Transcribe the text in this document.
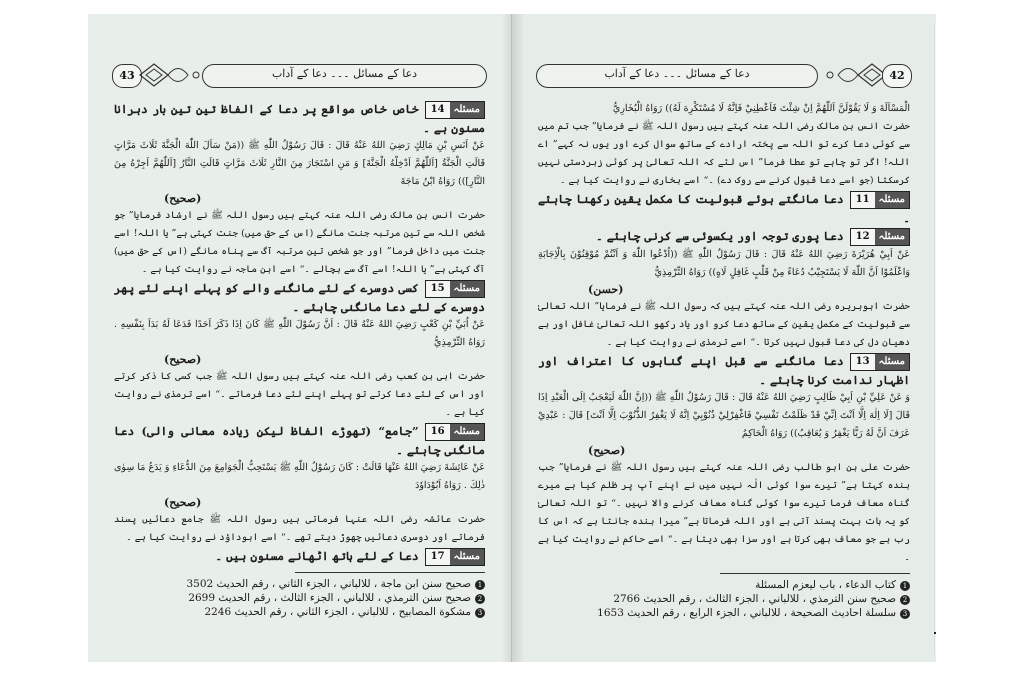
43	دعا کے مسائل ۔۔۔ دعا کے آداب

مسئلہ14خاص خاص مواقع پر دعا کے الفاظ تین تین بار دہرانا مسنون ہے ۔

عَنْ اَنَسِ بْنِ مَالِكٍ رَضِيَ اللهُ عَنْهُ قَالَ : قَالَ رَسُوْلُ اللّٰهِ ﷺ ((مَنْ سَاَلَ اللّٰهَ الْجَنَّةَ ثَلَاثَ مَرَّاتٍ قَالَتِ الْجَنَّةُ [اَللّٰهُمَّ اَدْخِلْهُ الْجَنَّةَ] وَ مَنِ اسْتَجَارَ مِنَ النَّارِ ثَلَاثَ مَرَّاتٍ قَالَتِ النَّارُ [اَللّٰهُمَّ اَجِرْهُ مِنَ النَّارِ])) رَوَاهُ ابْنُ مَاجَةَ

(صحيح)

حضرت انس بن مالک رضی اللہ عنہ کہتے ہیں رسول اللہ ﷺ نے ارشاد فرمایا” جو شخص اللہ سے تین مرتبہ جنت مانگے (اس کے حق میں) جنت کہتی ہے” یا اللہ! اسے جنت میں داخل فرما” اور جو شخص تین مرتبہ آگ سے پناہ مانگے (اس کے حق میں) آگ کہتی ہے” یا اللہ! اسے آگ سے بچالے ۔“ اسے ابن ماجہ نے روایت کیا ہے ۔

مسئلہ15کسی دوسرے کے لئے مانگنے والے کو پہلے اپنے لئے پھر دوسرے کے لئے دعا مانگنی چاہئے ۔

عَنْ اُبَيِّ بْنِ كَعْبٍ رَضِيَ اللهُ عَنْهُ قَالَ : اَنَّ رَسُوْلَ اللّٰهِ ﷺ كَانَ اِذَا ذَكَرَ اَحَدًا فَدَعَا لَهُ بَدَاَ بِنَفْسِهِ . رَوَاهُ التِّرْمِذِيُّ

(صحيح)

حضرت ابی بن کعب رضی اللہ عنہ کہتے ہیں رسول اللہ ﷺ جب کسی کا ذکر کرتے اور اس کے لئے دعا کرتے تو پہلے اپنے لئے دعا فرماتے ۔“ اسے ترمذی نے روایت کیا ہے ۔

مسئلہ16”جامع“ (تھوڑے الفاظ لیکن زیادہ معانی والی) دعا مانگنی چاہئے ۔

عَنْ عَائِشَةَ رَضِيَ اللهُ عَنْهَا قَالَتْ : كَانَ رَسُوْلُ اللّٰهِ ﷺ يَسْتَحِبُّ الْجَوَامِعَ مِنَ الدُّعَاءِ وَ يَدَعُ مَا سِوٰى ذٰلِكَ . رَوَاهُ اَبُوْدَاوٗدَ

(صحيح)

حضرت عائشہ رضی اللہ عنہا فرماتی ہیں رسول اللہ ﷺ جامع دعائیں پسند فرماتے اور دوسری دعائیں چھوڑ دیتے تھے ۔“ اسے ابوداؤد نے روایت کیا ہے ۔

مسئلہ17دعا کے لئے ہاتھ اٹھانے مسنون ہیں ۔

1صحيح سنن ابن ماجة ، للالباني ، الجزء الثاني ، رقم الحديث 3502

2صحيح سنن الترمذي ، للالباني ، الجزء الثالث ، رقم الحديث 2699

3مشكوة المصابيح ، للالباني ، الجزء الثاني ، رقم الحديث 2246

دعا کے مسائل ۔۔۔ دعا کے آداب	42

الْمَسْاَلَةَ وَ لَا يَقُوْلَنَّ اَللّٰهُمَّ اِنْ شِئْتَ فَاَعْطِنِيْ فَاِنَّهُ لَا مُسْتَكْرِهَ لَهُ)) رَوَاهُ الْبُخَارِيُّ

حضرت انس بن مالک رضی اللہ عنہ کہتے ہیں رسول اللہ ﷺ نے فرمایا” جب تم میں سے کوئی دعا کرے تو اللہ سے پختہ ارادے کے ساتھ سوال کرے اور یوں نہ کہے” اے اللہ! اگر تو چاہے تو عطا فرما” اس لئے کہ اللہ تعالیٰ پر کوئی زبردستی نہیں کرسکتا (جو اسے دعا قبول کرنے سے روک دے) ۔“ اسے بخاری نے روایت کیا ہے ۔

مسئلہ11دعا مانگتے ہوئے قبولیت کا مکمل یقین رکھنا چاہئے ۔

مسئلہ12دعا پوری توجہ اور یکسوئی سے کرنی چاہئے ۔

عَنْ اَبِيْ هُرَيْرَةَ رَضِيَ اللهُ عَنْهُ قَالَ : قَالَ رَسُوْلُ اللّٰهِ ﷺ ((اُدْعُوا اللّٰهَ وَ اَنْتُمْ مُوْقِنُوْنَ بِالْاِجَابَةِ وَاعْلَمُوْا اَنَّ اللّٰهَ لَا يَسْتَجِيْبُ دُعَاءً مِنْ قَلْبٍ غَافِلٍ لَاهٍ)) رَوَاهُ التِّرْمِذِيُّ

(حسن)

حضرت ابوہریرہ رضی اللہ عنہ کہتے ہیں کہ رسول اللہ ﷺ نے فرمایا” اللہ تعالیٰ سے قبولیت کے مکمل یقین کے ساتھ دعا کرو اور یاد رکھو اللہ تعالیٰ غافل اور بے دھیان دل کی دعا قبول نہیں کرتا ۔“ اسے ترمذی نے روایت کیا ہے ۔

مسئلہ13دعا مانگنے سے قبل اپنے گناہوں کا اعتراف اور اظہار ندامت کرنا چاہئے ۔

وَ عَنْ عَلِيِّ بْنِ اَبِيْ طَالِبٍ رَضِيَ اللهُ عَنْهُ قَالَ : قَالَ رَسُوْلُ اللّٰهِ ﷺ ((اِنَّ اللّٰهَ لَيَعْجَبُ اِلَى الْعَبْدِ اِذَا قَالَ [لَا اِلٰهَ اِلَّا اَنْتَ اِنِّيْ قَدْ ظَلَمْتُ نَفْسِيْ فَاغْفِرْلِيْ ذُنُوْبِيْ اِنَّهُ لَا يَغْفِرُ الذُّنُوْبَ اِلَّا اَنْتَ] قَالَ : عَبْدِيْ عَرَفَ اَنَّ لَهُ رَبًّا يَغْفِرُ وَ يُعَاقِبُ)) رَوَاهُ الْحَاكِمُ

(صحيح)

حضرت علی بن ابو طالب رضی اللہ عنہ کہتے ہیں رسول اللہ ﷺ نے فرمایا” جب بندہ کہتا ہے” تیرے سوا کوئی الٰہ نہیں میں نے اپنے آپ پر ظلم کیا ہے میرے گناہ معاف فرما تیرے سوا کوئی گناہ معاف کرنے والا نہیں ۔“ تو اللہ تعالیٰ کو یہ بات بہت پسند آتی ہے اور اللہ فرماتا ہے” میرا بندہ جانتا ہے کہ اس کا رب ہے جو معاف بھی کرتا ہے اور سزا بھی دیتا ہے ۔“ اسے حاکم نے روایت کیا ہے ۔

1كتاب الدعاء ، باب ليعزم المسئلة

2صحيح سنن الترمذي ، للالباني ، الجزء الثالث ، رقم الحديث 2766

3سلسلة احاديث الصحيحة ، للالباني ، الجزء الرابع ، رقم الحديث 1653
